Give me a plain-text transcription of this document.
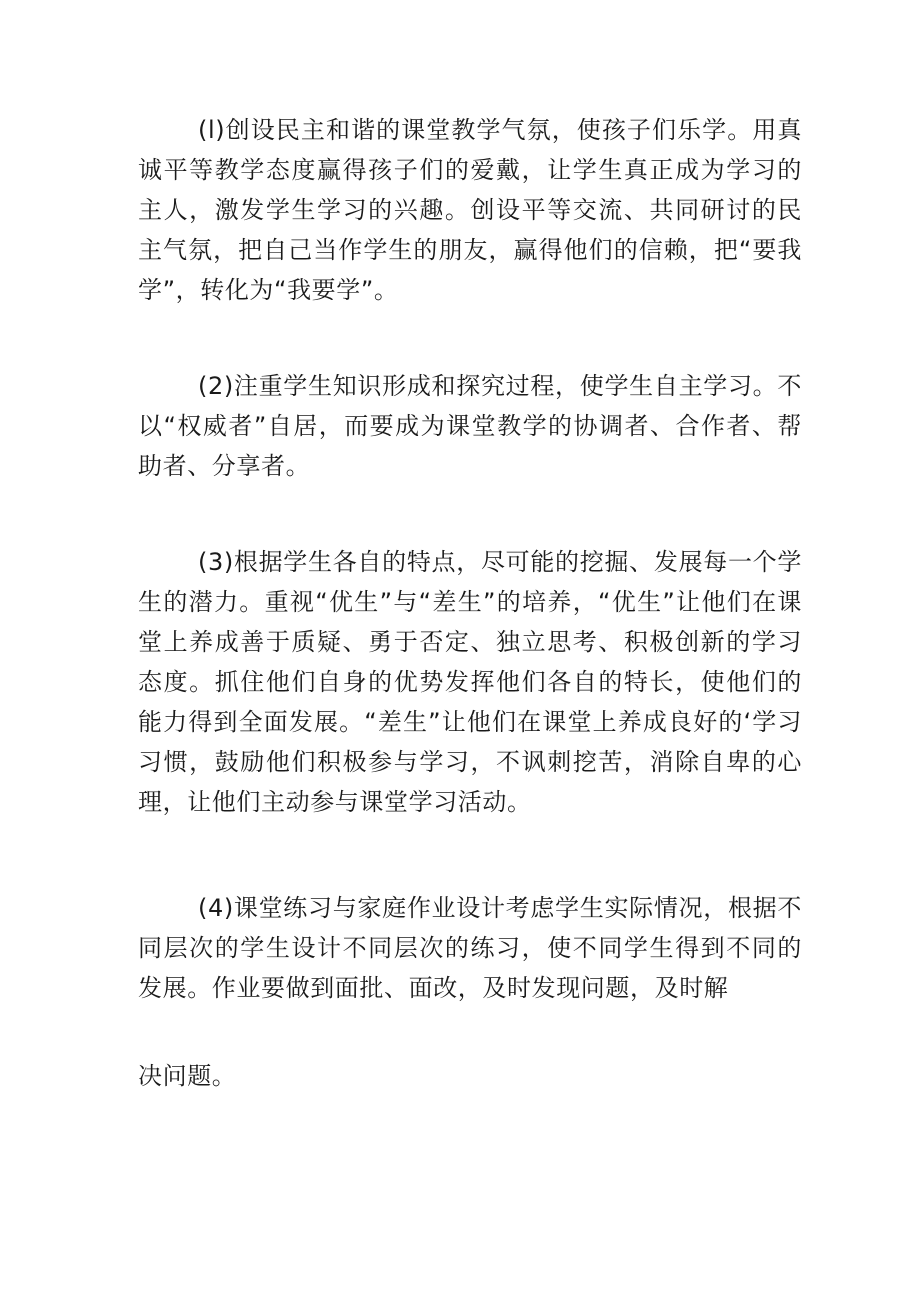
(l)创设民主和谐的课堂教学气氛，使孩子们乐学。用真诚平等教学态度赢得孩子们的爱戴，让学生真正成为学习的主人，激发学生学习的兴趣。创设平等交流、共同研讨的民主气氛，把自己当作学生的朋友，赢得他们的信赖，把“要我学”，转化为“我要学”。

(2)注重学生知识形成和探究过程，使学生自主学习。不以“权威者”自居，而要成为课堂教学的协调者、合作者、帮助者、分享者。

(3)根据学生各自的特点，尽可能的挖掘、发展每一个学生的潜力。重视“优生”与“差生”的培养，“优生”让他们在课堂上养成善于质疑、勇于否定、独立思考、积极创新的学习态度。抓住他们自身的优势发挥他们各自的特长，使他们的能力得到全面发展。“差生”让他们在课堂上养成良好的‘学习习惯，鼓励他们积极参与学习，不讽刺挖苦，消除自卑的心理，让他们主动参与课堂学习活动。

(4)课堂练习与家庭作业设计考虑学生实际情况，根据不同层次的学生设计不同层次的练习，使不同学生得到不同的发展。作业要做到面批、面改，及时发现问题，及时解

决问题。
